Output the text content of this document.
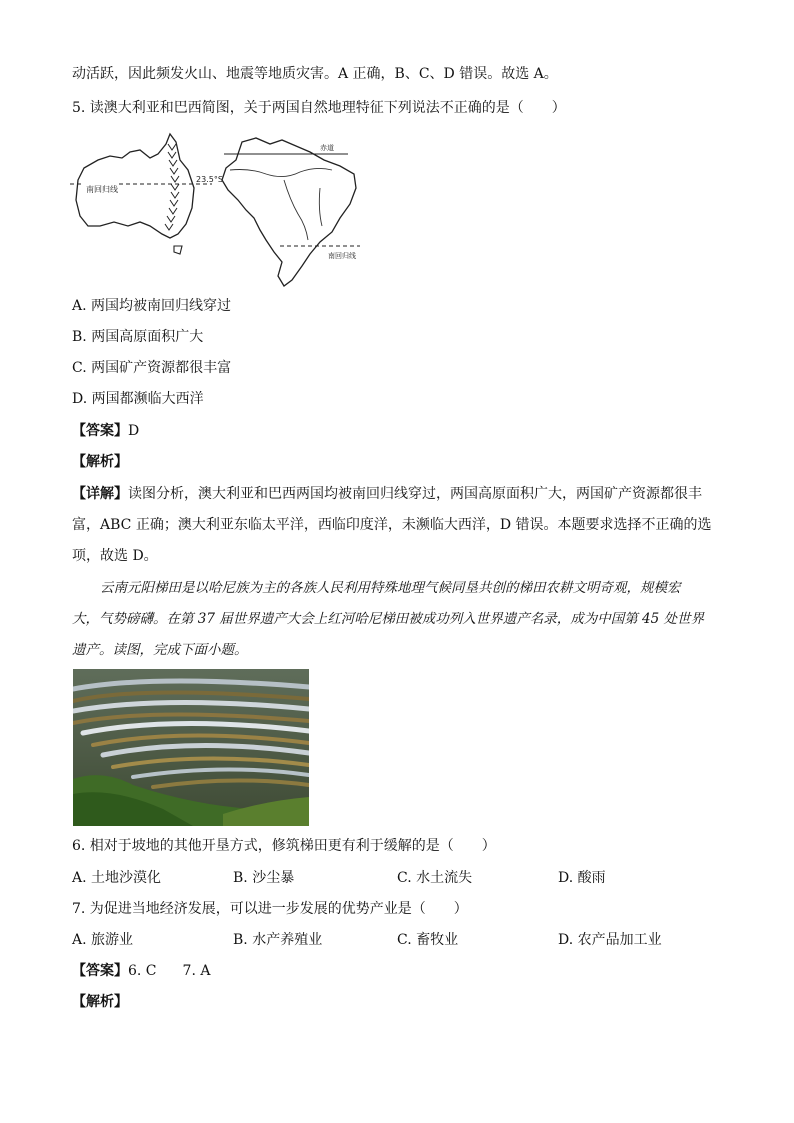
动活跃，因此频发火山、地震等地质灾害。A 正确，B、C、D 错误。故选 A。
5. 读澳大利亚和巴西简图，关于两国自然地理特征下列说法不正确的是（　　）
南回归线
23.5°S
赤道
南回归线
A. 两国均被南回归线穿过
B. 两国高原面积广大
C. 两国矿产资源都很丰富
D. 两国都濒临大西洋
【答案】D
【解析】
【详解】读图分析，澳大利亚和巴西两国均被南回归线穿过，两国高原面积广大，两国矿产资源都很丰
富，ABC 正确；澳大利亚东临太平洋，西临印度洋，未濒临大西洋，D 错误。本题要求选择不正确的选
项，故选 D。
云南元阳梯田是以哈尼族为主的各族人民利用特殊地理气候同垦共创的梯田农耕文明奇观，规模宏
大，气势磅礴。在第 37 届世界遗产大会上红河哈尼梯田被成功列入世界遗产名录，成为中国第 45 处世界
遗产。读图，完成下面小题。
6. 相对于坡地的其他开垦方式，修筑梯田更有利于缓解的是（　　）
A. 土地沙漠化	B. 沙尘暴	C. 水土流失	D. 酸雨
7. 为促进当地经济发展，可以进一步发展的优势产业是（　　）
A. 旅游业	B. 水产养殖业	C. 畜牧业	D. 农产品加工业
【答案】6. C 7. A
【解析】
